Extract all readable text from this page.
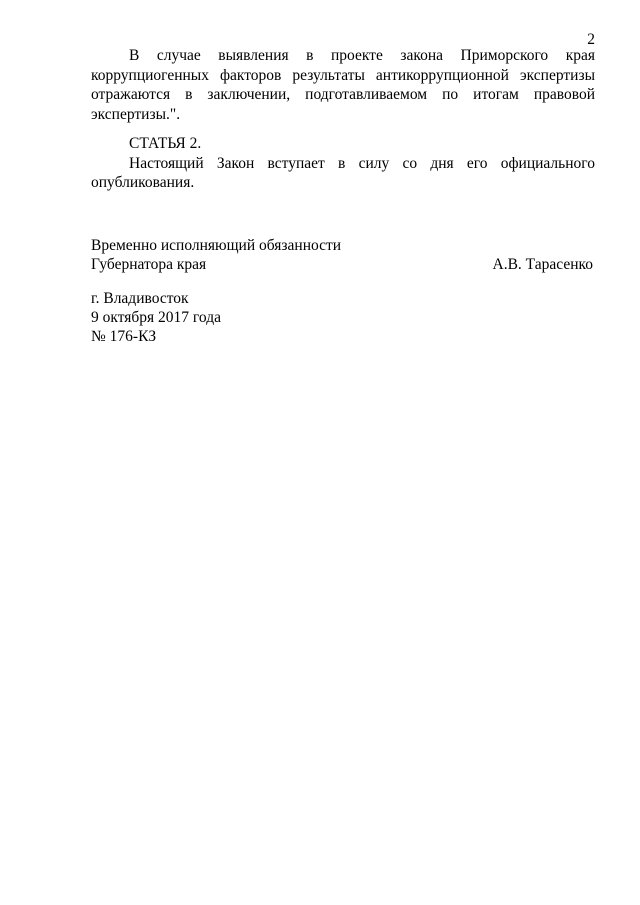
2
В случае выявления в проекте закона Приморского края
коррупциогенных факторов результаты антикоррупционной экспертизы
отражаются в заключении, подготавливаемом по итогам правовой
экспертизы.".
СТАТЬЯ 2.
Настоящий Закон вступает в силу со дня его официального
опубликования.
Временно исполняющий обязанности
Губернатора края	А.В. Тарасенко
г. Владивосток
9 октября 2017 года
№ 176-КЗ
